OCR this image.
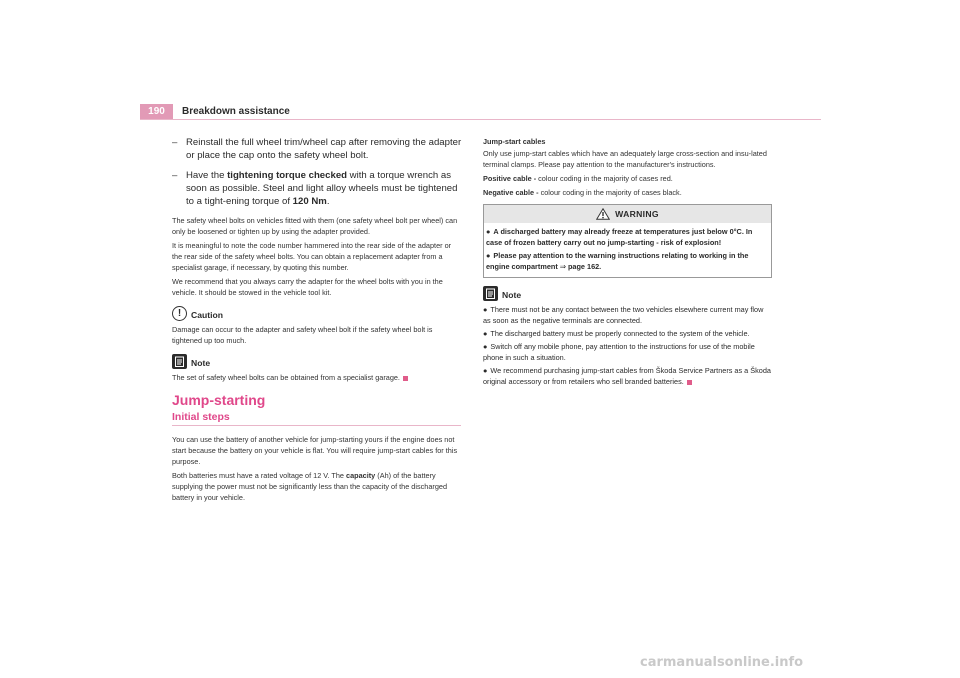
190	Breakdown assistance
– Reinstall the full wheel trim/wheel cap after removing the adapter or place the cap onto the safety wheel bolt.
– Have the tightening torque checked with a torque wrench as soon as possible. Steel and light alloy wheels must be tightened to a tight-ening torque of 120 Nm.

The safety wheel bolts on vehicles fitted with them (one safety wheel bolt per wheel) can only be loosened or tighten up by using the adapter provided.

It is meaningful to note the code number hammered into the rear side of the adapter or the rear side of the safety wheel bolts. You can obtain a replacement adapter from a specialist garage, if necessary, by quoting this number.

We recommend that you always carry the adapter for the wheel bolts with you in the vehicle. It should be stowed in the vehicle tool kit.

!	Caution

Damage can occur to the adapter and safety wheel bolt if the safety wheel bolt is tightened up too much.

Note

The set of safety wheel bolts can be obtained from a specialist garage.

Jump-starting
Initial steps

You can use the battery of another vehicle for jump-starting yours if the engine does not start because the battery on your vehicle is flat. You will require jump-start cables for this purpose.

Both batteries must have a rated voltage of 12 V. The capacity (Ah) of the battery supplying the power must not be significantly less than the capacity of the discharged battery in your vehicle.

Jump-start cables

Only use jump-start cables which have an adequately large cross-section and insu-lated terminal clamps. Please pay attention to the manufacturer's instructions.

Positive cable - colour coding in the majority of cases red.

Negative cable - colour coding in the majority of cases black.

WARNING

● A discharged battery may already freeze at temperatures just below 0°C. In case of frozen battery carry out no jump-starting - risk of explosion!

● Please pay attention to the warning instructions relating to working in the engine compartment ⇒ page 162.

Note

● There must not be any contact between the two vehicles elsewhere current may flow as soon as the negative terminals are connected.

● The discharged battery must be properly connected to the system of the vehicle.

● Switch off any mobile phone, pay attention to the instructions for use of the mobile phone in such a situation.

● We recommend purchasing jump-start cables from Škoda Service Partners as a Škoda original accessory or from retailers who sell branded batteries.

carmanualsonline.info
